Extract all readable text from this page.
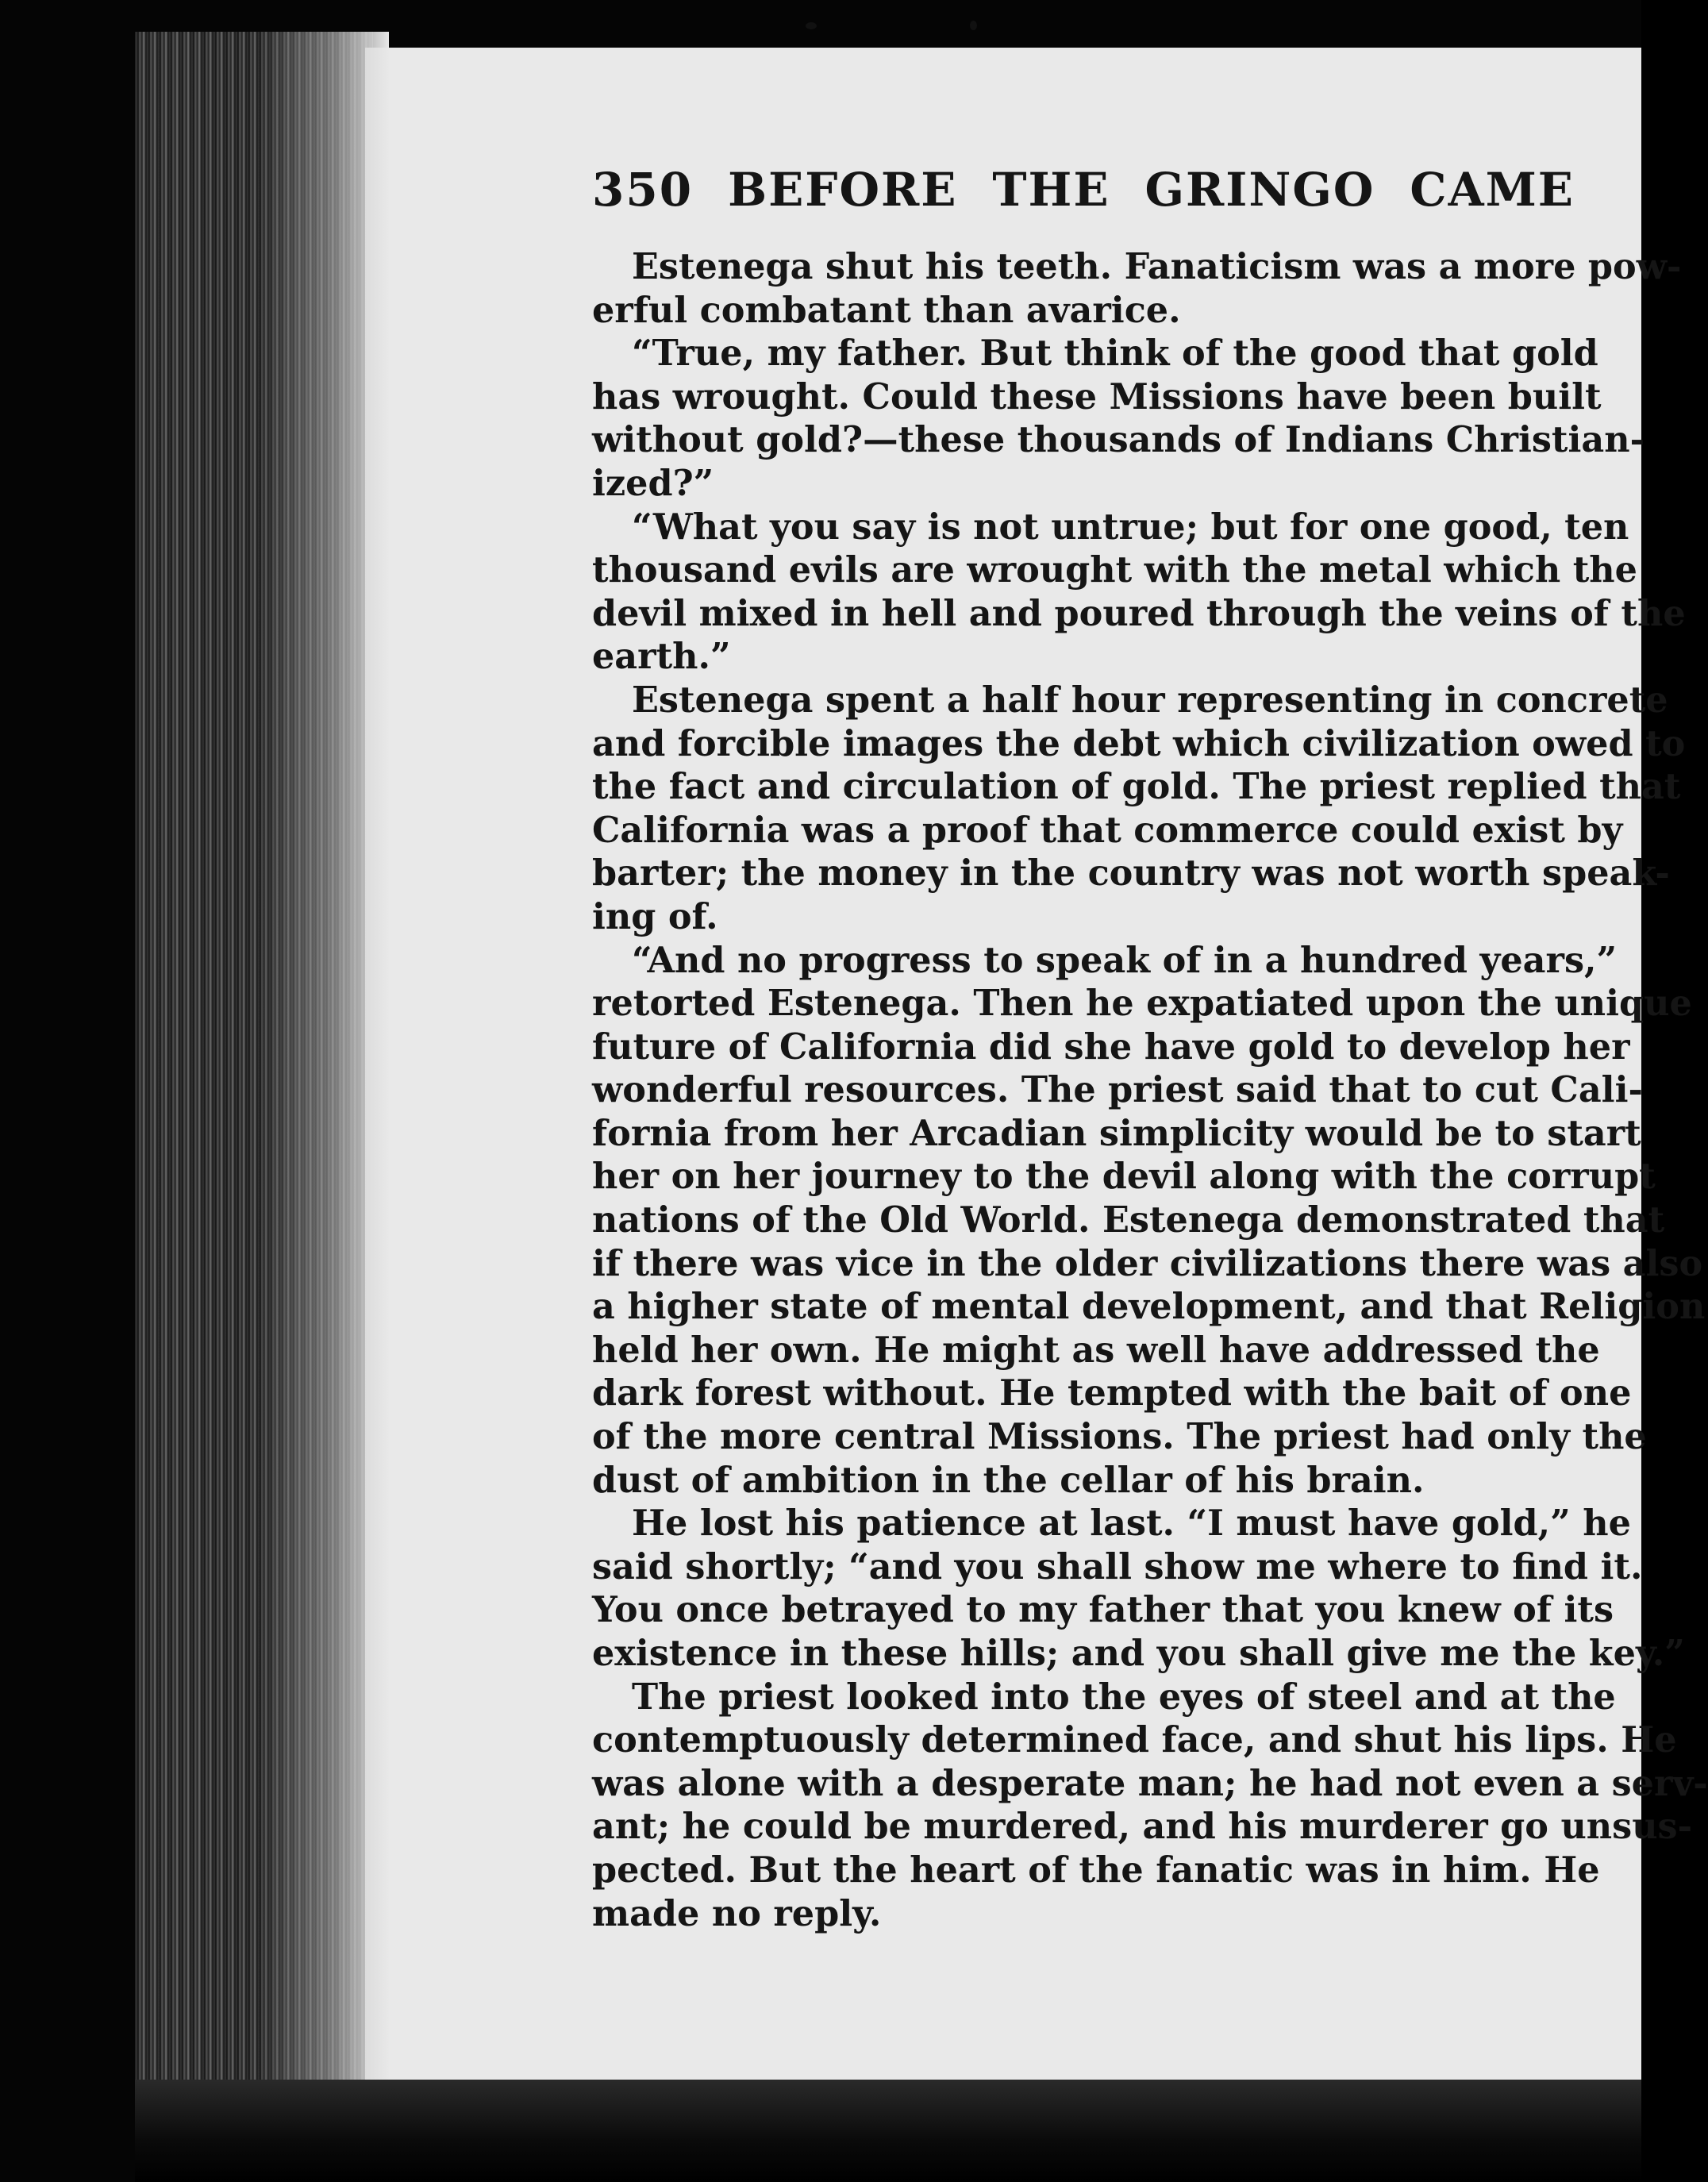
350 BEFORE THE GRINGO CAME
Estenega shut his teeth. Fanaticism was a more pow-
erful combatant than avarice.
“True, my father. But think of the good that gold
has wrought. Could these Missions have been built
without gold?—these thousands of Indians Christian-
ized?”
“What you say is not untrue; but for one good, ten
thousand evils are wrought with the metal which the
devil mixed in hell and poured through the veins of the
earth.”
Estenega spent a half hour representing in concrete
and forcible images the debt which civilization owed to
the fact and circulation of gold. The priest replied that
California was a proof that commerce could exist by
barter; the money in the country was not worth speak-
ing of.
“And no progress to speak of in a hundred years,”
retorted Estenega. Then he expatiated upon the unique
future of California did she have gold to develop her
wonderful resources. The priest said that to cut Cali-
fornia from her Arcadian simplicity would be to start
her on her journey to the devil along with the corrupt
nations of the Old World. Estenega demonstrated that
if there was vice in the older civilizations there was also
a higher state of mental development, and that Religion
held her own. He might as well have addressed the
dark forest without. He tempted with the bait of one
of the more central Missions. The priest had only the
dust of ambition in the cellar of his brain.
He lost his patience at last. “I must have gold,” he
said shortly; “and you shall show me where to find it.
You once betrayed to my father that you knew of its
existence in these hills; and you shall give me the key.”
The priest looked into the eyes of steel and at the
contemptuously determined face, and shut his lips. He
was alone with a desperate man; he had not even a serv-
ant; he could be murdered, and his murderer go unsus-
pected. But the heart of the fanatic was in him. He
made no reply.
